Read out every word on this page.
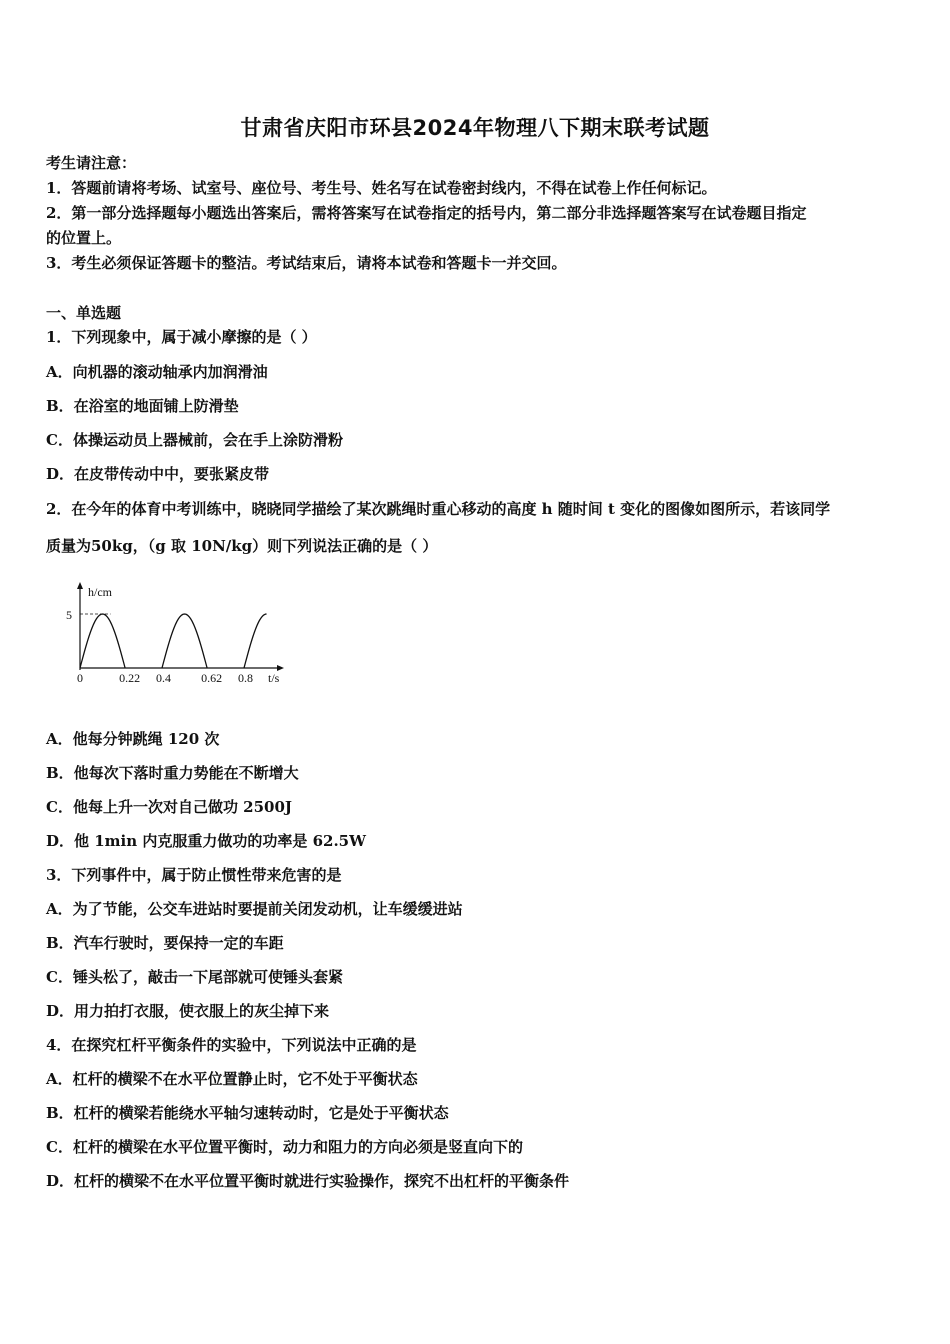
甘肃省庆阳市环县2024年物理八下期末联考试题
考生请注意：
1．答题前请将考场、试室号、座位号、考生号、姓名写在试卷密封线内，不得在试卷上作任何标记。
2．第一部分选择题每小题选出答案后，需将答案写在试卷指定的括号内，第二部分非选择题答案写在试卷题目指定
的位置上。
3．考生必须保证答题卡的整洁。考试结束后，请将本试卷和答题卡一并交回。
一、单选题
1．下列现象中，属于减小摩擦的是（ ）
A．向机器的滚动轴承内加润滑油
B．在浴室的地面铺上防滑垫
C．体操运动员上器械前，会在手上涂防滑粉
D．在皮带传动中中，要张紧皮带
2．在今年的体育中考训练中，晓晓同学描绘了某次跳绳时重心移动的高度 h 随时间 t 变化的图像如图所示，若该同学
质量为50kg，（g 取 10N/kg）则下列说法正确的是（ ）
h/cm
t/s
5
0	0.22 0.4	0.62 0.8
A．他每分钟跳绳 120 次
B．他每次下落时重力势能在不断增大
C．他每上升一次对自己做功 2500J
D．他 1min 内克服重力做功的功率是 62.5W
3．下列事件中，属于防止惯性带来危害的是
A．为了节能，公交车进站时要提前关闭发动机，让车缓缓进站
B．汽车行驶时，要保持一定的车距
C．锤头松了，敲击一下尾部就可使锤头套紧
D．用力拍打衣服，使衣服上的灰尘掉下来
4．在探究杠杆平衡条件的实验中，下列说法中正确的是
A．杠杆的横梁不在水平位置静止时，它不处于平衡状态
B．杠杆的横梁若能绕水平轴匀速转动时，它是处于平衡状态
C．杠杆的横梁在水平位置平衡时，动力和阻力的方向必须是竖直向下的
D．杠杆的横梁不在水平位置平衡时就进行实验操作，探究不出杠杆的平衡条件
